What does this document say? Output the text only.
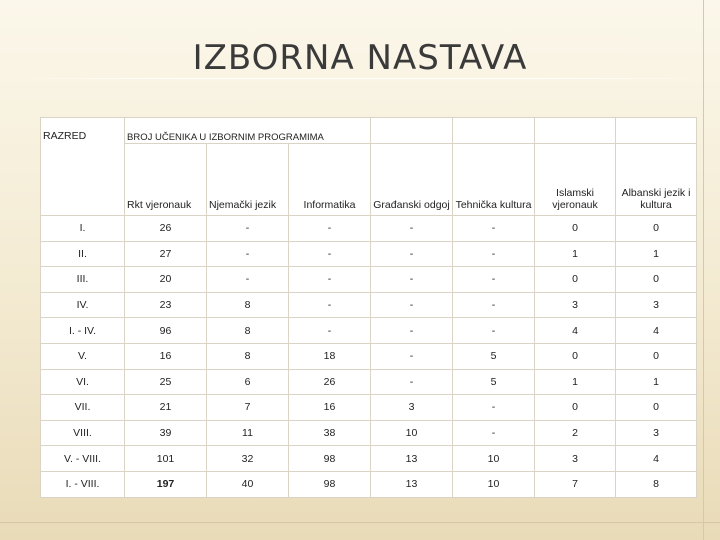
IZBORNA NASTAVA
RAZRED	BROJ UČENIKA U IZBORNIM PROGRAMIMA						
	Rkt vjeronauk	Njemački jezik	Informatika	Građanski odgoj	Tehnička kultura	Islamski vjeronauk	Albanski jezik i kultura
I.	26	-	-	-	-	0	0
II.	27	-	-	-	-	1	1
III.	20	-	-	-	-	0	0
IV.	23	8	-	-	-	3	3
I. - IV.	96	8	-	-	-	4	4
V.	16	8	18	-	5	0	0
VI.	25	6	26	-	5	1	1
VII.	21	7	16	3	-	0	0
VIII.	39	11	38	10	-	2	3
V. - VIII.	101	32	98	13	10	3	4
I. - VIII.	197	40	98	13	10	7	8
